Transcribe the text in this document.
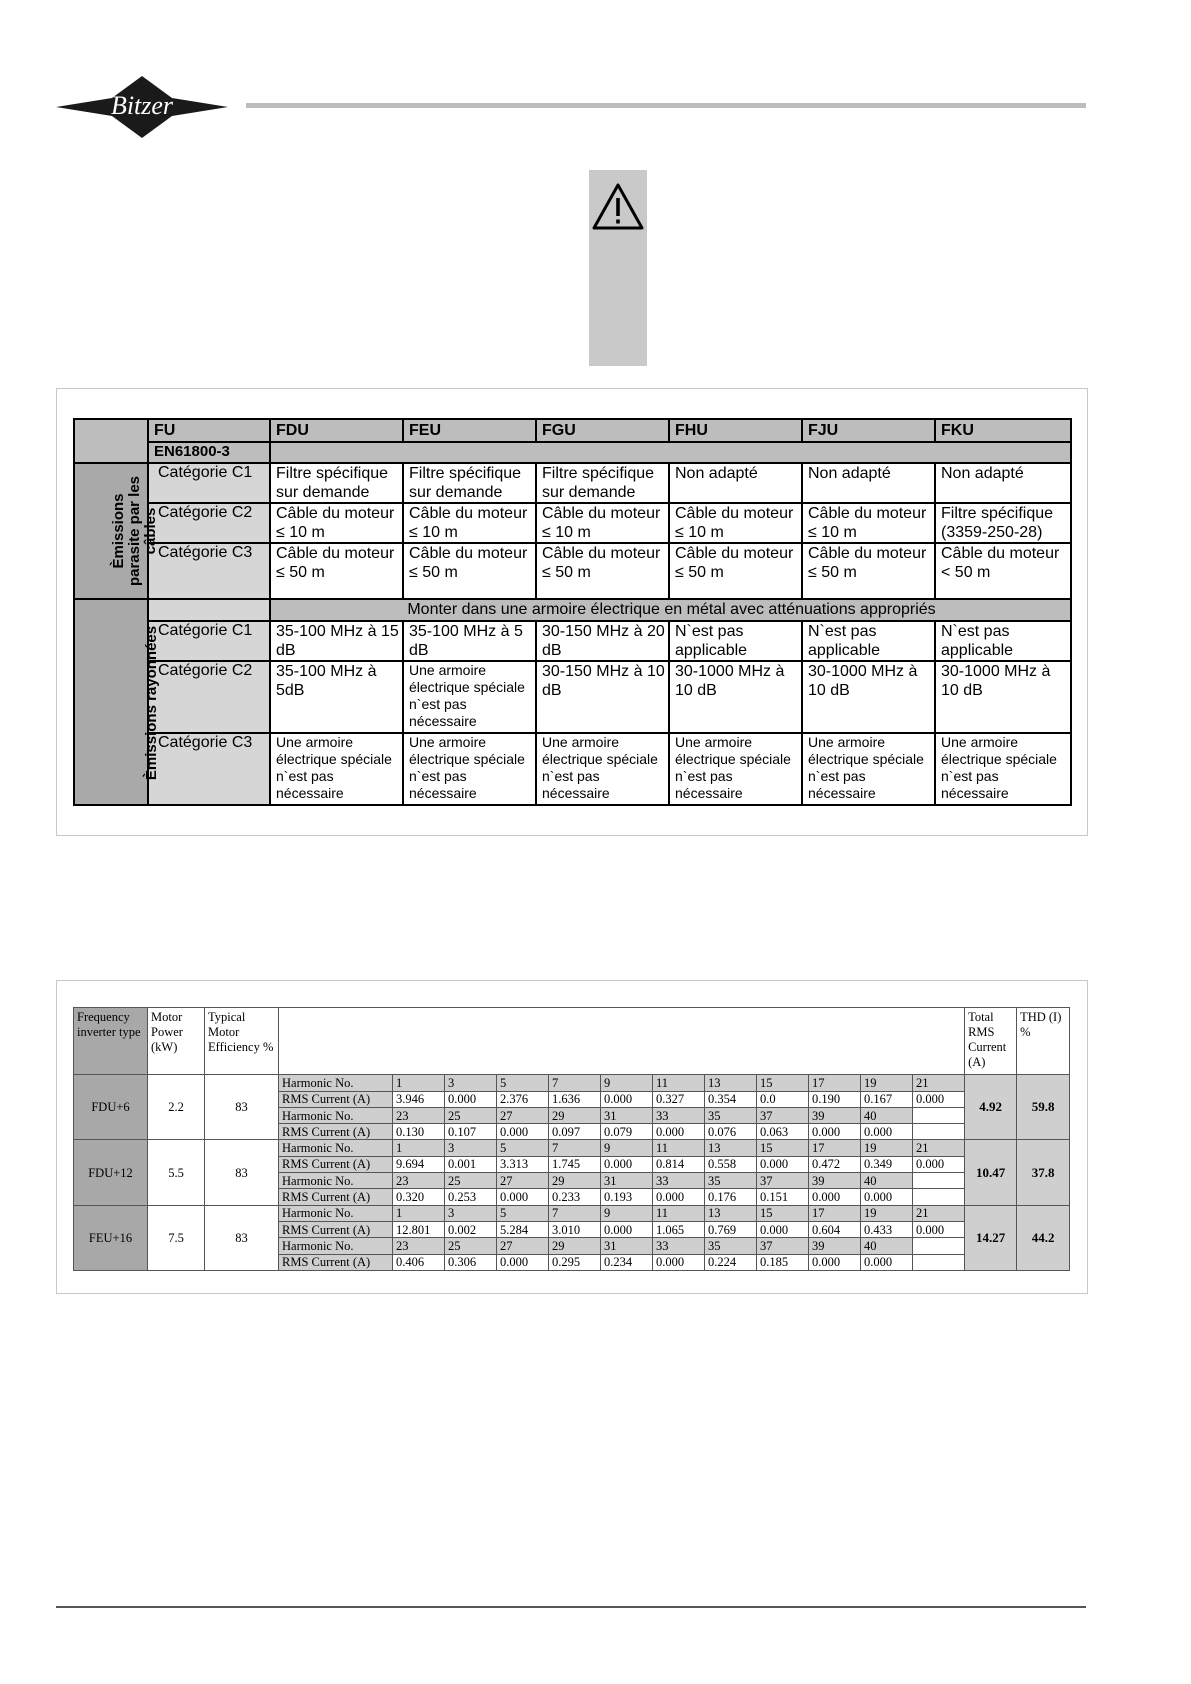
Bitzer
	FU	FDU	FEU	FGU	FHU	FJU	FKU
	EN61800-3						
Èmissions parasite par les câbles	Catégorie C1	Filtre spécifique sur demande	Filtre spécifique sur demande	Filtre spécifique sur demande	Non adapté	Non adapté	Non adapté

	Catégorie C2	Câble du moteur ≤ 10 m	Câble du moteur ≤ 10 m	Câble du moteur ≤ 10 m	Câble du moteur ≤ 10 m	Câble du moteur ≤ 10 m	Filtre spécifique (3359-250-28)

	Catégorie C3	Câble du moteur ≤ 50 m	Câble du moteur ≤ 50 m	Câble du moteur ≤ 50 m	Câble du moteur ≤ 50 m	Câble du moteur ≤ 50 m	Câble du moteur < 50 m

Èmissions rayonnées		Monter dans une armoire électrique en métal avec atténuations appropriés					
	Catégorie C1	35-100 MHz à 15 dB	35-100 MHz à 5 dB	30-150 MHz à 20 dB	N`est pas applicable	N`est pas applicable	N`est pas applicable

	Catégorie C2	35-100 MHz à 5dB	Une armoire électrique spéciale n`est pas nécessaire	30-150 MHz à 10 dB	30-1000 MHz à 10 dB	30-1000 MHz à 10 dB	30-1000 MHz à 10 dB

	Catégorie C3	Une armoire électrique spéciale n`est pas nécessaire	Une armoire électrique spéciale n`est pas nécessaire	Une armoire électrique spéciale n`est pas nécessaire	Une armoire électrique spéciale n`est pas nécessaire	Une armoire électrique spéciale n`est pas nécessaire	Une armoire électrique spéciale n`est pas nécessaire
Frequency inverter type	Motor Power (kW)	Typical Motor Efficiency %													Total RMS Current (A)	THD (I) %
FDU+6	2.2	83	Harmonic No.	1	3	5	7	9	11	13	15	17	19	21	4.92	59.8
			RMS Current (A)	3.946	0.000	2.376	1.636	0.000	0.327	0.354	0.0	0.190	0.167	0.000		
			Harmonic No.	23	25	27	29	31	33	35	37	39	40			
			RMS Current (A)	0.130	0.107	0.000	0.097	0.079	0.000	0.076	0.063	0.000	0.000			
FDU+12	5.5	83	Harmonic No.	1	3	5	7	9	11	13	15	17	19	21	10.47	37.8
			RMS Current (A)	9.694	0.001	3.313	1.745	0.000	0.814	0.558	0.000	0.472	0.349	0.000		
			Harmonic No.	23	25	27	29	31	33	35	37	39	40			
			RMS Current (A)	0.320	0.253	0.000	0.233	0.193	0.000	0.176	0.151	0.000	0.000			
FEU+16	7.5	83	Harmonic No.	1	3	5	7	9	11	13	15	17	19	21	14.27	44.2
			RMS Current (A)	12.801	0.002	5.284	3.010	0.000	1.065	0.769	0.000	0.604	0.433	0.000		
			Harmonic No.	23	25	27	29	31	33	35	37	39	40			
			RMS Current (A)	0.406	0.306	0.000	0.295	0.234	0.000	0.224	0.185	0.000	0.000			
